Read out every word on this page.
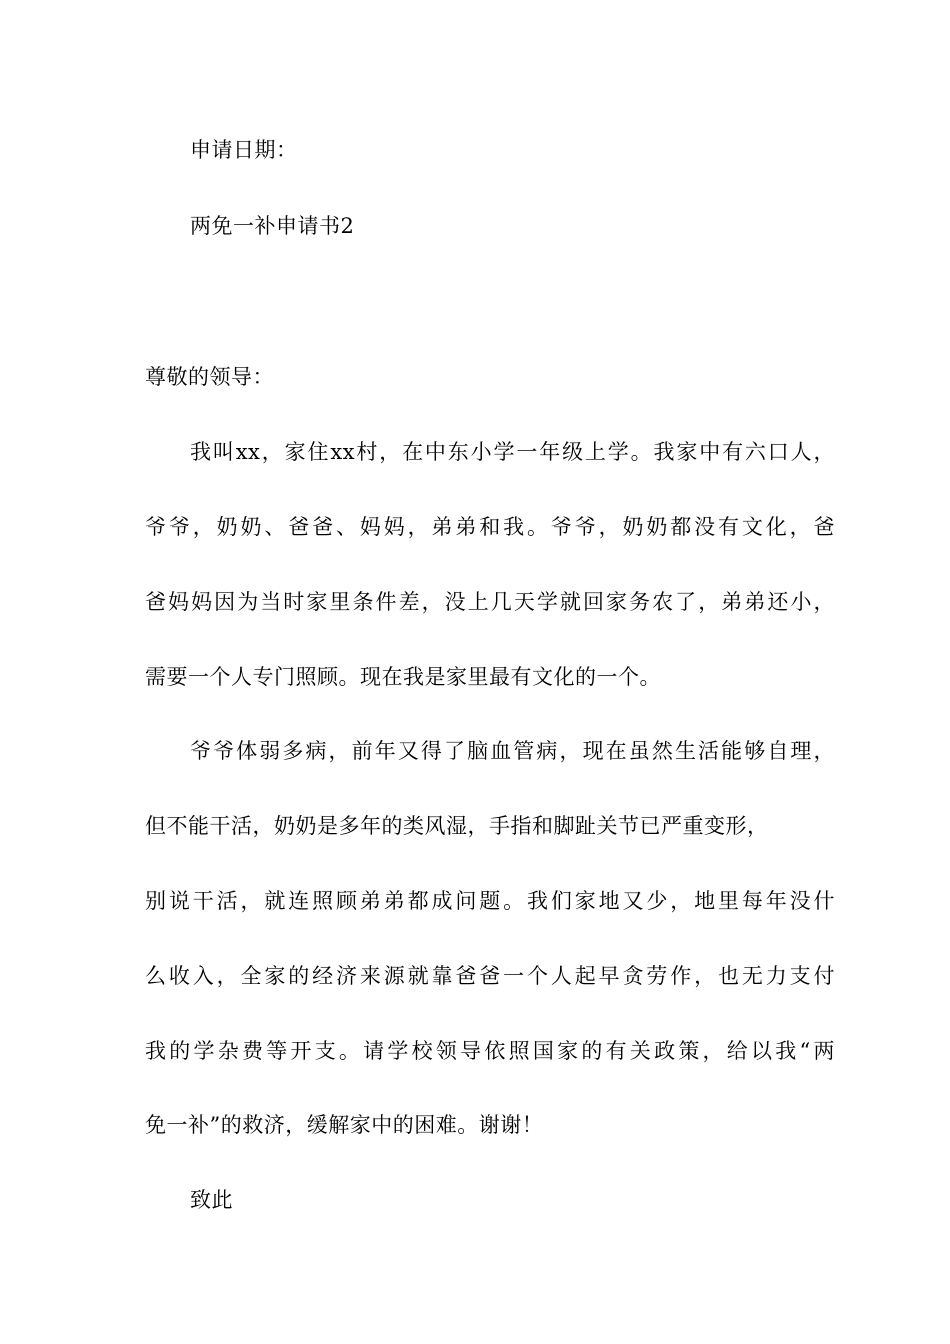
申请日期：
两免一补申请书2
尊敬的领导：
我叫xx，家住xx村，在中东小学一年级上学。我家中有六口人，
爷爷，奶奶、爸爸、妈妈，弟弟和我。爷爷，奶奶都没有文化，爸
爸妈妈因为当时家里条件差，没上几天学就回家务农了，弟弟还小，
需要一个人专门照顾。现在我是家里最有文化的一个。
爷爷体弱多病，前年又得了脑血管病，现在虽然生活能够自理，
但不能干活，奶奶是多年的类风湿，手指和脚趾关节已严重变形，
别说干活，就连照顾弟弟都成问题。我们家地又少，地里每年没什
么收入，全家的经济来源就靠爸爸一个人起早贪劳作，也无力支付
我的学杂费等开支。请学校领导依照国家的有关政策，给以我“两
免一补”的救济，缓解家中的困难。谢谢！
致此
